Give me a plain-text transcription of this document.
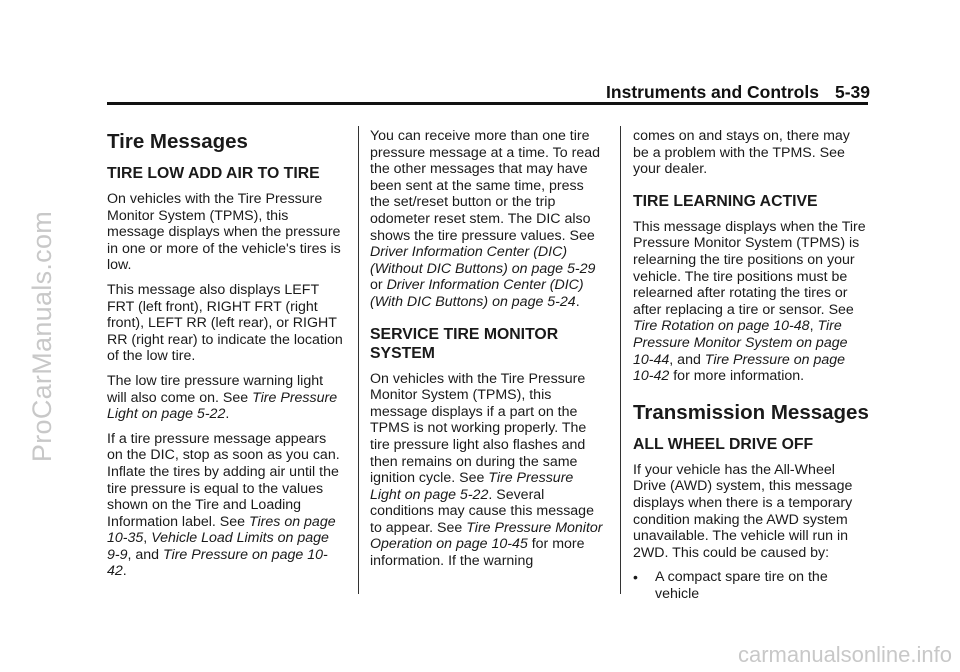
ProCarManuals.com
Instruments and Controls 5-39
Tire Messages
TIRE LOW ADD AIR TO TIRE

On vehicles with the Tire Pressure Monitor System (TPMS), this message displays when the pressure in one or more of the vehicle's tires is low.

This message also displays LEFT FRT (left front), RIGHT FRT (right front), LEFT RR (left rear), or RIGHT RR (right rear) to indicate the location of the low tire.

The low tire pressure warning light will also come on. See Tire Pressure Light on page 5-22.

If a tire pressure message appears on the DIC, stop as soon as you can. Inflate the tires by adding air until the tire pressure is equal to the values shown on the Tire and Loading Information label. See Tires on page 10-35, Vehicle Load Limits on page 9-9, and Tire Pressure on page 10-42.

You can receive more than one tire pressure message at a time. To read the other messages that may have been sent at the same time, press the set/reset button or the trip odometer reset stem. The DIC also shows the tire pressure values. See Driver Information Center (DIC) (Without DIC Buttons) on page 5-29 or Driver Information Center (DIC) (With DIC Buttons) on page 5-24.

SERVICE TIRE MONITOR SYSTEM

On vehicles with the Tire Pressure Monitor System (TPMS), this message displays if a part on the TPMS is not working properly. The tire pressure light also flashes and then remains on during the same ignition cycle. See Tire Pressure Light on page 5-22. Several conditions may cause this message to appear. See Tire Pressure Monitor Operation on page 10-45 for more information. If the warning

comes on and stays on, there may be a problem with the TPMS. See your dealer.

TIRE LEARNING ACTIVE

This message displays when the Tire Pressure Monitor System (TPMS) is relearning the tire positions on your vehicle. The tire positions must be relearned after rotating the tires or after replacing a tire or sensor. See Tire Rotation on page 10-48, Tire Pressure Monitor System on page 10-44, and Tire Pressure on page 10-42 for more information.

Transmission Messages
ALL WHEEL DRIVE OFF

If your vehicle has the All-Wheel Drive (AWD) system, this message displays when there is a temporary condition making the AWD system unavailable. The vehicle will run in 2WD. This could be caused by:

•	A compact spare tire on the vehicle
carmanualsonline.info
